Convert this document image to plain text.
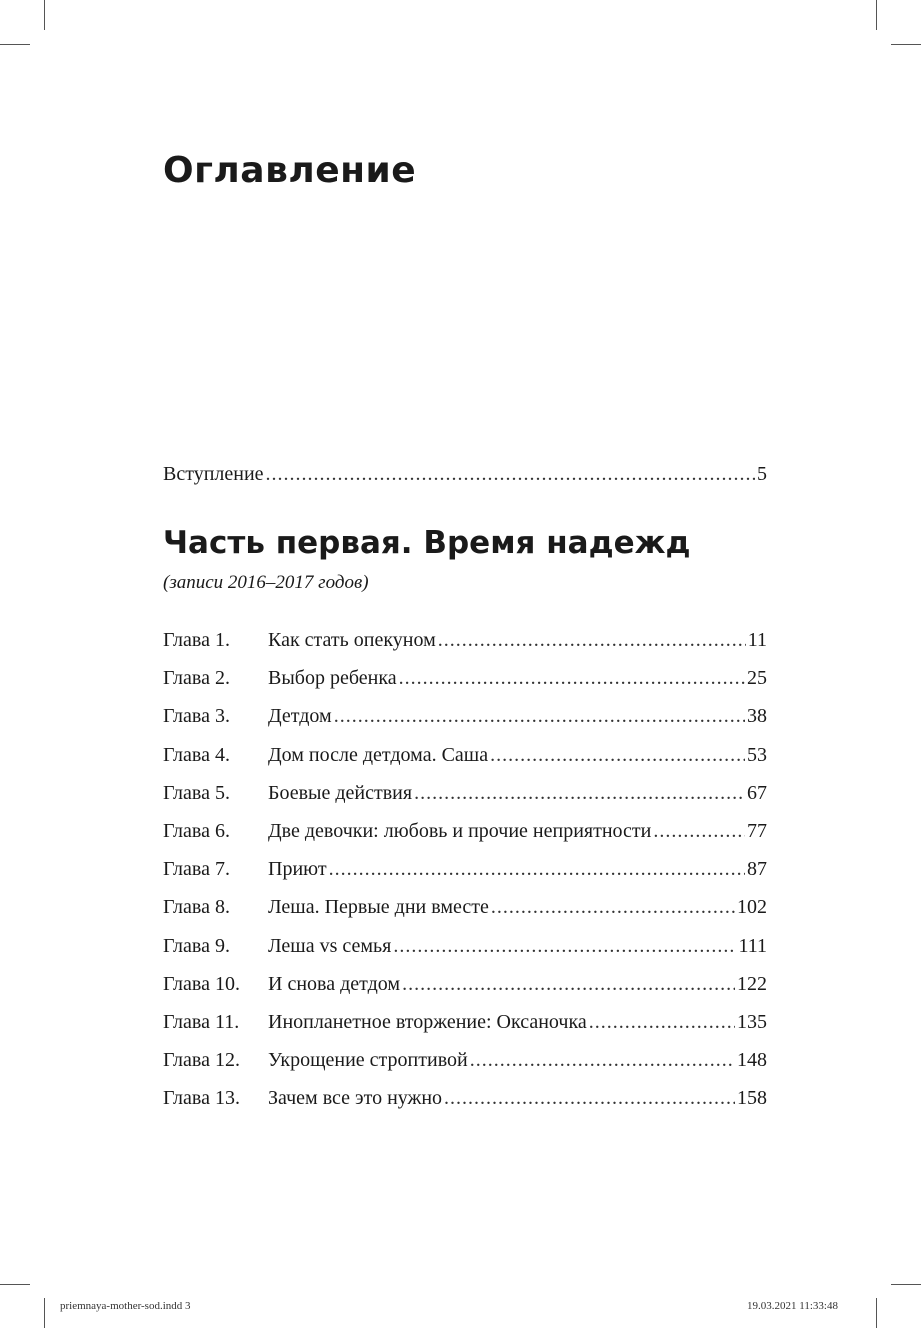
Оглавление
Вступление .....	5
Часть первая. Время надежд

(записи 2016–2017 годов)

Глава 1.	Как стать опекуном .....	11
Глава 2.	Выбор ребенка .....	25
Глава 3.	Детдом .....	38
Глава 4.	Дом после детдома. Саша .....	53
Глава 5.	Боевые действия .....	67
Глава 6.	Две девочки: любовь и прочие неприятности .....	77
Глава 7.	Приют .....	87
Глава 8.	Леша. Первые дни вместе .....	102
Глава 9.	Леша vs семья .....	111
Глава 10.	И снова детдом .....	122
Глава 11.	Инопланетное вторжение: Оксаночка .....	135
Глава 12.	Укрощение строптивой .....	148
Глава 13.	Зачем все это нужно .....	158
priemnaya-mother-sod.indd 3	19.03.2021 11:33:48
